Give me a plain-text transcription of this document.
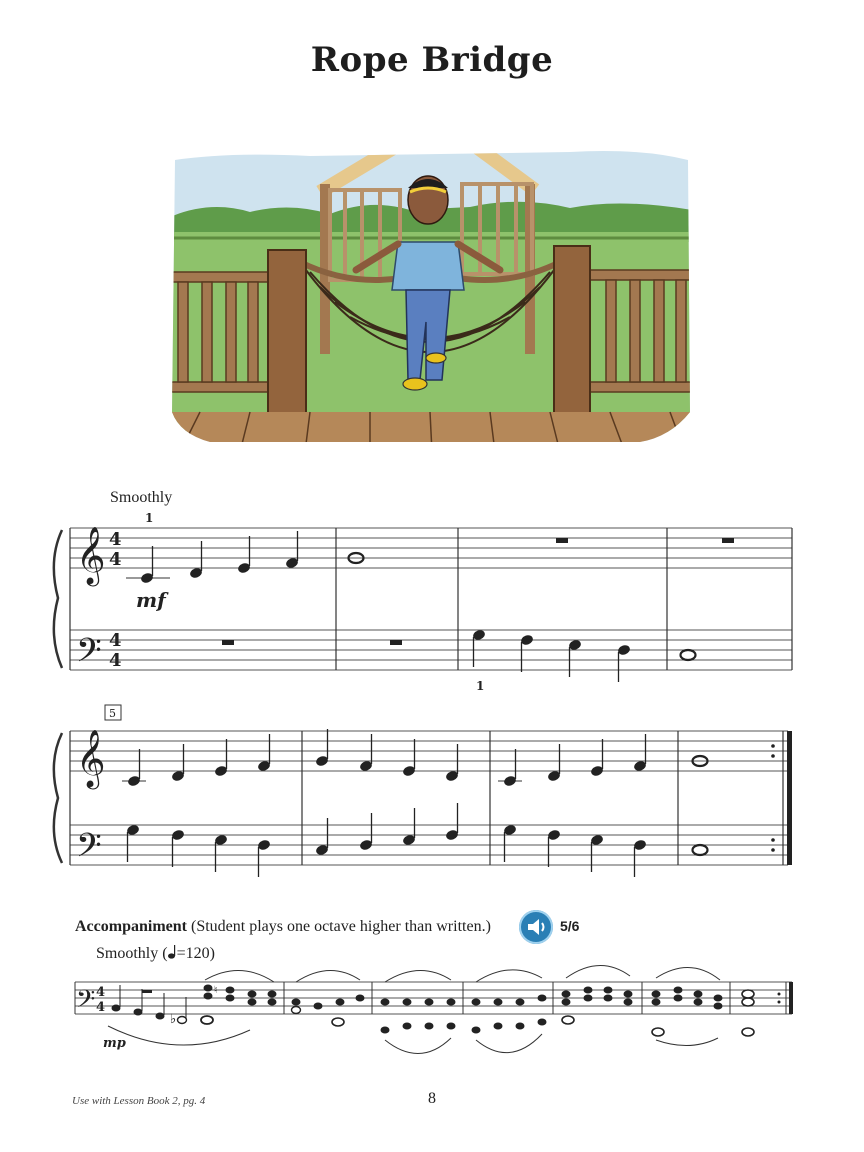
Rope Bridge
𝄞
𝄢
4
4
4
4
1
mf
1
5
𝄞
𝄢
𝄢 4
4
mp
♭
♮
Smoothly
Accompaniment (Student plays one octave higher than written.)	5/6
Smoothly ( =120)
Use with Lesson Book 2, pg. 4	8
